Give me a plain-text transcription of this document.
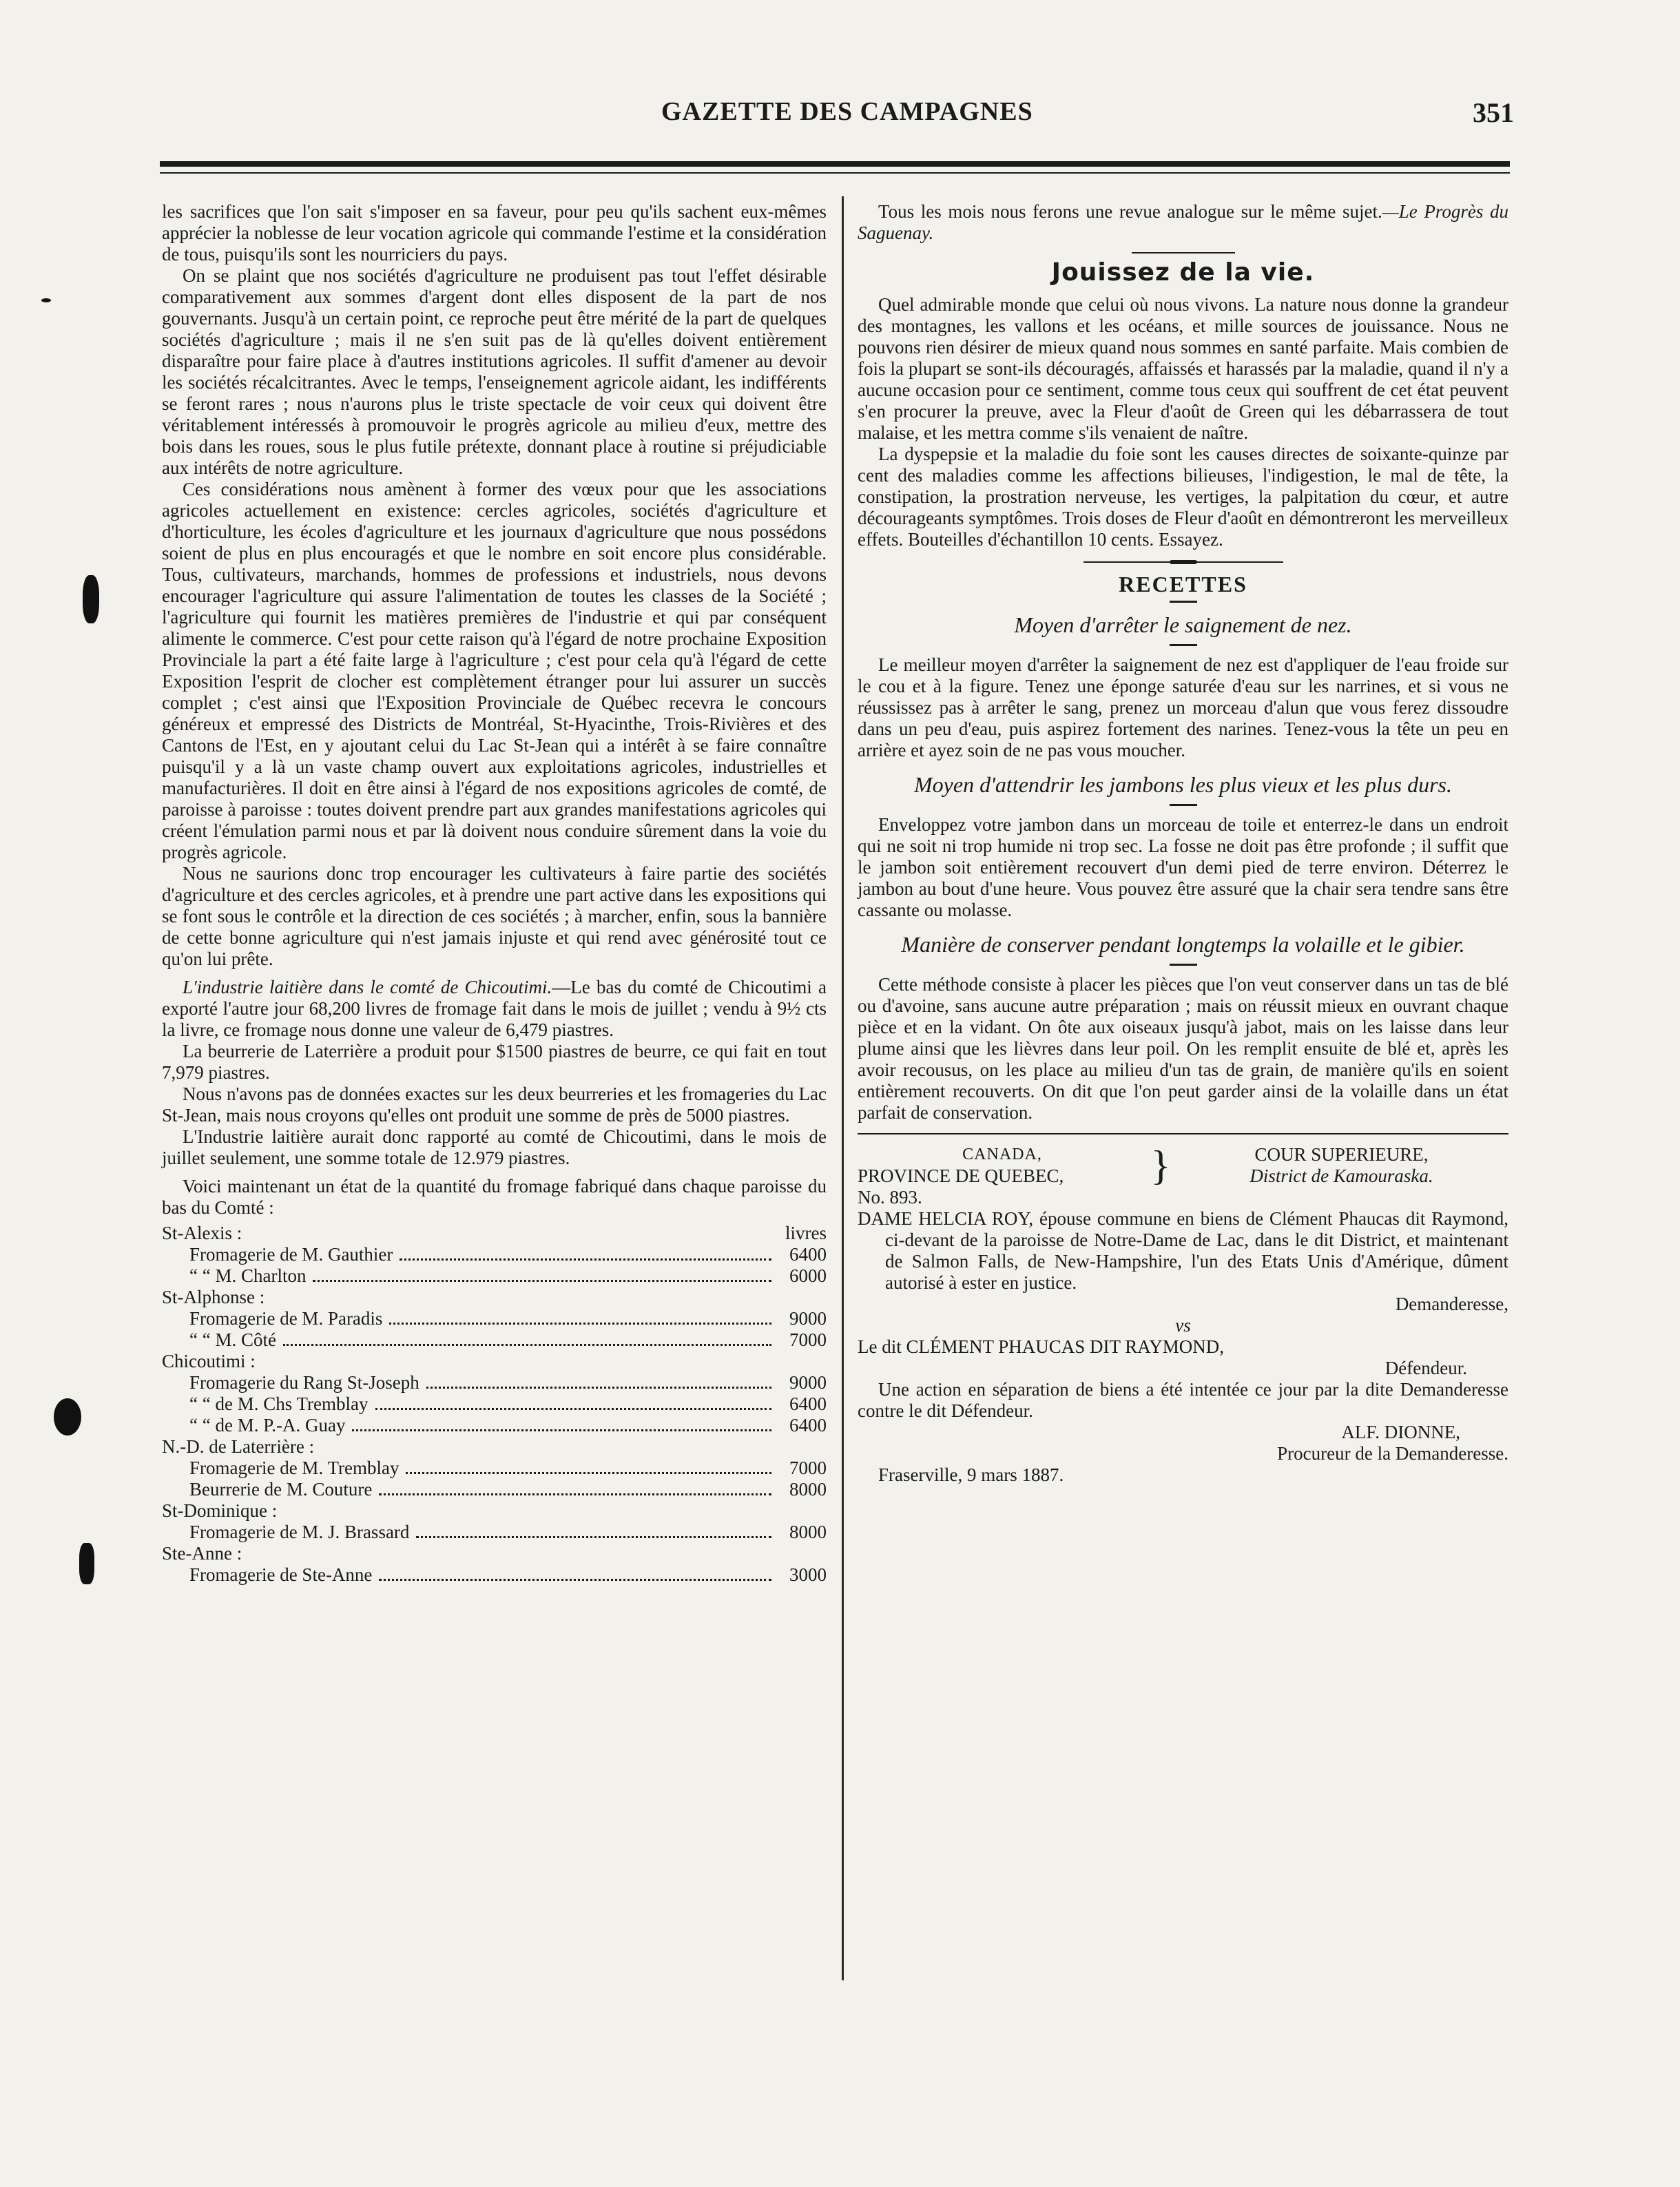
GAZETTE DES CAMPAGNES	351

les sacrifices que l'on sait s'imposer en sa faveur, pour peu qu'ils sachent eux-mêmes apprécier la noblesse de leur vocation agricole qui commande l'estime et la considération de tous, puisqu'ils sont les nourriciers du pays.

On se plaint que nos sociétés d'agriculture ne produisent pas tout l'effet désirable comparativement aux sommes d'argent dont elles disposent de la part de nos gouvernants. Jusqu'à un certain point, ce reproche peut être mérité de la part de quelques sociétés d'agriculture ; mais il ne s'en suit pas de là qu'elles doivent entièrement disparaître pour faire place à d'autres institutions agricoles. Il suffit d'amener au devoir les sociétés récalcitrantes. Avec le temps, l'enseignement agricole aidant, les indifférents se feront rares ; nous n'aurons plus le triste spectacle de voir ceux qui doivent être véritablement intéressés à promouvoir le progrès agricole au milieu d'eux, mettre des bois dans les roues, sous le plus futile prétexte, donnant place à routine si préjudiciable aux intérêts de notre agriculture.

Ces considérations nous amènent à former des vœux pour que les associations agricoles actuellement en existence: cercles agricoles, sociétés d'agriculture et d'horticulture, les écoles d'agriculture et les journaux d'agriculture que nous possédons soient de plus en plus encouragés et que le nombre en soit encore plus considérable. Tous, cultivateurs, marchands, hommes de professions et industriels, nous devons encourager l'agriculture qui assure l'alimentation de toutes les classes de la Société ; l'agriculture qui fournit les matières premières de l'industrie et qui par conséquent alimente le commerce. C'est pour cette raison qu'à l'égard de notre prochaine Exposition Provinciale la part a été faite large à l'agriculture ; c'est pour cela qu'à l'égard de cette Exposition l'esprit de clocher est complètement étranger pour lui assurer un succès complet ; c'est ainsi que l'Exposition Provinciale de Québec recevra le concours généreux et empressé des Districts de Montréal, St-Hyacinthe, Trois-Rivières et des Cantons de l'Est, en y ajoutant celui du Lac St-Jean qui a intérêt à se faire connaître puisqu'il y a là un vaste champ ouvert aux exploitations agricoles, industrielles et manufacturières. Il doit en être ainsi à l'égard de nos expositions agricoles de comté, de paroisse à paroisse : toutes doivent prendre part aux grandes manifestations agricoles qui créent l'émulation parmi nous et par là doivent nous conduire sûrement dans la voie du progrès agricole.

Nous ne saurions donc trop encourager les cultivateurs à faire partie des sociétés d'agriculture et des cercles agricoles, et à prendre une part active dans les expositions qui se font sous le contrôle et la direction de ces sociétés ; à marcher, enfin, sous la bannière de cette bonne agriculture qui n'est jamais injuste et qui rend avec générosité tout ce qu'on lui prête.

L'industrie laitière dans le comté de Chicoutimi.—Le bas du comté de Chicoutimi a exporté l'autre jour 68,200 livres de fromage fait dans le mois de juillet ; vendu à 9½ cts la livre, ce fromage nous donne une valeur de 6,479 piastres.

La beurrerie de Laterrière a produit pour $1500 piastres de beurre, ce qui fait en tout 7,979 piastres.

Nous n'avons pas de données exactes sur les deux beurreries et les fromageries du Lac St-Jean, mais nous croyons qu'elles ont produit une somme de près de 5000 piastres.

L'Industrie laitière aurait donc rapporté au comté de Chicoutimi, dans le mois de juillet seulement, une somme totale de 12.979 piastres.

Voici maintenant un état de la quantité du fromage fabriqué dans chaque paroisse du bas du Comté :

St-Alexis :	livres
Fromagerie de M. Gauthier	6400
“ “ M. Charlton	6000
St-Alphonse :
Fromagerie de M. Paradis	9000
“ “ M. Côté	7000
Chicoutimi :
Fromagerie du Rang St-Joseph	9000
“ “ de M. Chs Tremblay	6400
“ “ de M. P.-A. Guay	6400
N.-D. de Laterrière :
Fromagerie de M. Tremblay	7000
Beurrerie de M. Couture	8000
St-Dominique :
Fromagerie de M. J. Brassard	8000
Ste-Anne :
Fromagerie de Ste-Anne	3000

Tous les mois nous ferons une revue analogue sur le même sujet.—Le Progrès du Saguenay.

Jouissez de la vie.

Quel admirable monde que celui où nous vivons. La nature nous donne la grandeur des montagnes, les vallons et les océans, et mille sources de jouissance. Nous ne pouvons rien désirer de mieux quand nous sommes en santé parfaite. Mais combien de fois la plupart se sont-ils découragés, affaissés et harassés par la maladie, quand il n'y a aucune occasion pour ce sentiment, comme tous ceux qui souffrent de cet état peuvent s'en procurer la preuve, avec la Fleur d'août de Green qui les débarrassera de tout malaise, et les mettra comme s'ils venaient de naître.

La dyspepsie et la maladie du foie sont les causes directes de soixante-quinze par cent des maladies comme les affections bilieuses, l'indigestion, le mal de tête, la constipation, la prostration nerveuse, les vertiges, la palpitation du cœur, et autre décourageants symptômes. Trois doses de Fleur d'août en démontreront les merveilleux effets. Bouteilles d'échantillon 10 cents. Essayez.

RECETTES
Moyen d'arrêter le saignement de nez.

Le meilleur moyen d'arrêter la saignement de nez est d'appliquer de l'eau froide sur le cou et à la figure. Tenez une éponge saturée d'eau sur les narrines, et si vous ne réussissez pas à arrêter le sang, prenez un morceau d'alun que vous ferez dissoudre dans un peu d'eau, puis aspirez fortement des narines. Tenez-vous la tête un peu en arrière et ayez soin de ne pas vous moucher.

Moyen d'attendrir les jambons les plus vieux et les plus durs.

Enveloppez votre jambon dans un morceau de toile et enterrez-le dans un endroit qui ne soit ni trop humide ni trop sec. La fosse ne doit pas être profonde ; il suffit que le jambon soit entièrement recouvert d'un demi pied de terre environ. Déterrez le jambon au bout d'une heure. Vous pouvez être assuré que la chair sera tendre sans être cassante ou molasse.

Manière de conserver pendant longtemps la volaille et le gibier.

Cette méthode consiste à placer les pièces que l'on veut conserver dans un tas de blé ou d'avoine, sans aucune autre préparation ; mais on réussit mieux en ouvrant chaque pièce et en la vidant. On ôte aux oiseaux jusqu'à jabot, mais on les laisse dans leur plume ainsi que les lièvres dans leur poil. On les remplit ensuite de blé et, après les avoir recousus, on les place au milieu d'un tas de grain, de manière qu'ils en soient entièrement recouverts. On dit que l'on peut garder ainsi de la volaille dans un état parfait de conservation.

CANADA,
PROVINCE DE QUEBEC,	}	COUR SUPERIEURE,
District de Kamouraska.
No. 893.

DAME HELCIA ROY, épouse commune en biens de Clément Phaucas dit Raymond, ci-devant de la paroisse de Notre-Dame de Lac, dans le dit District, et maintenant de Salmon Falls, de New-Hampshire, l'un des Etats Unis d'Amérique, dûment autorisé à ester en justice.

Demanderesse,
vs
Le dit CLÉMENT PHAUCAS DIT RAYMOND,
Défendeur.

Une action en séparation de biens a été intentée ce jour par la dite Demanderesse contre le dit Défendeur.

ALF. DIONNE,
Procureur de la Demanderesse.
Fraserville, 9 mars 1887.
